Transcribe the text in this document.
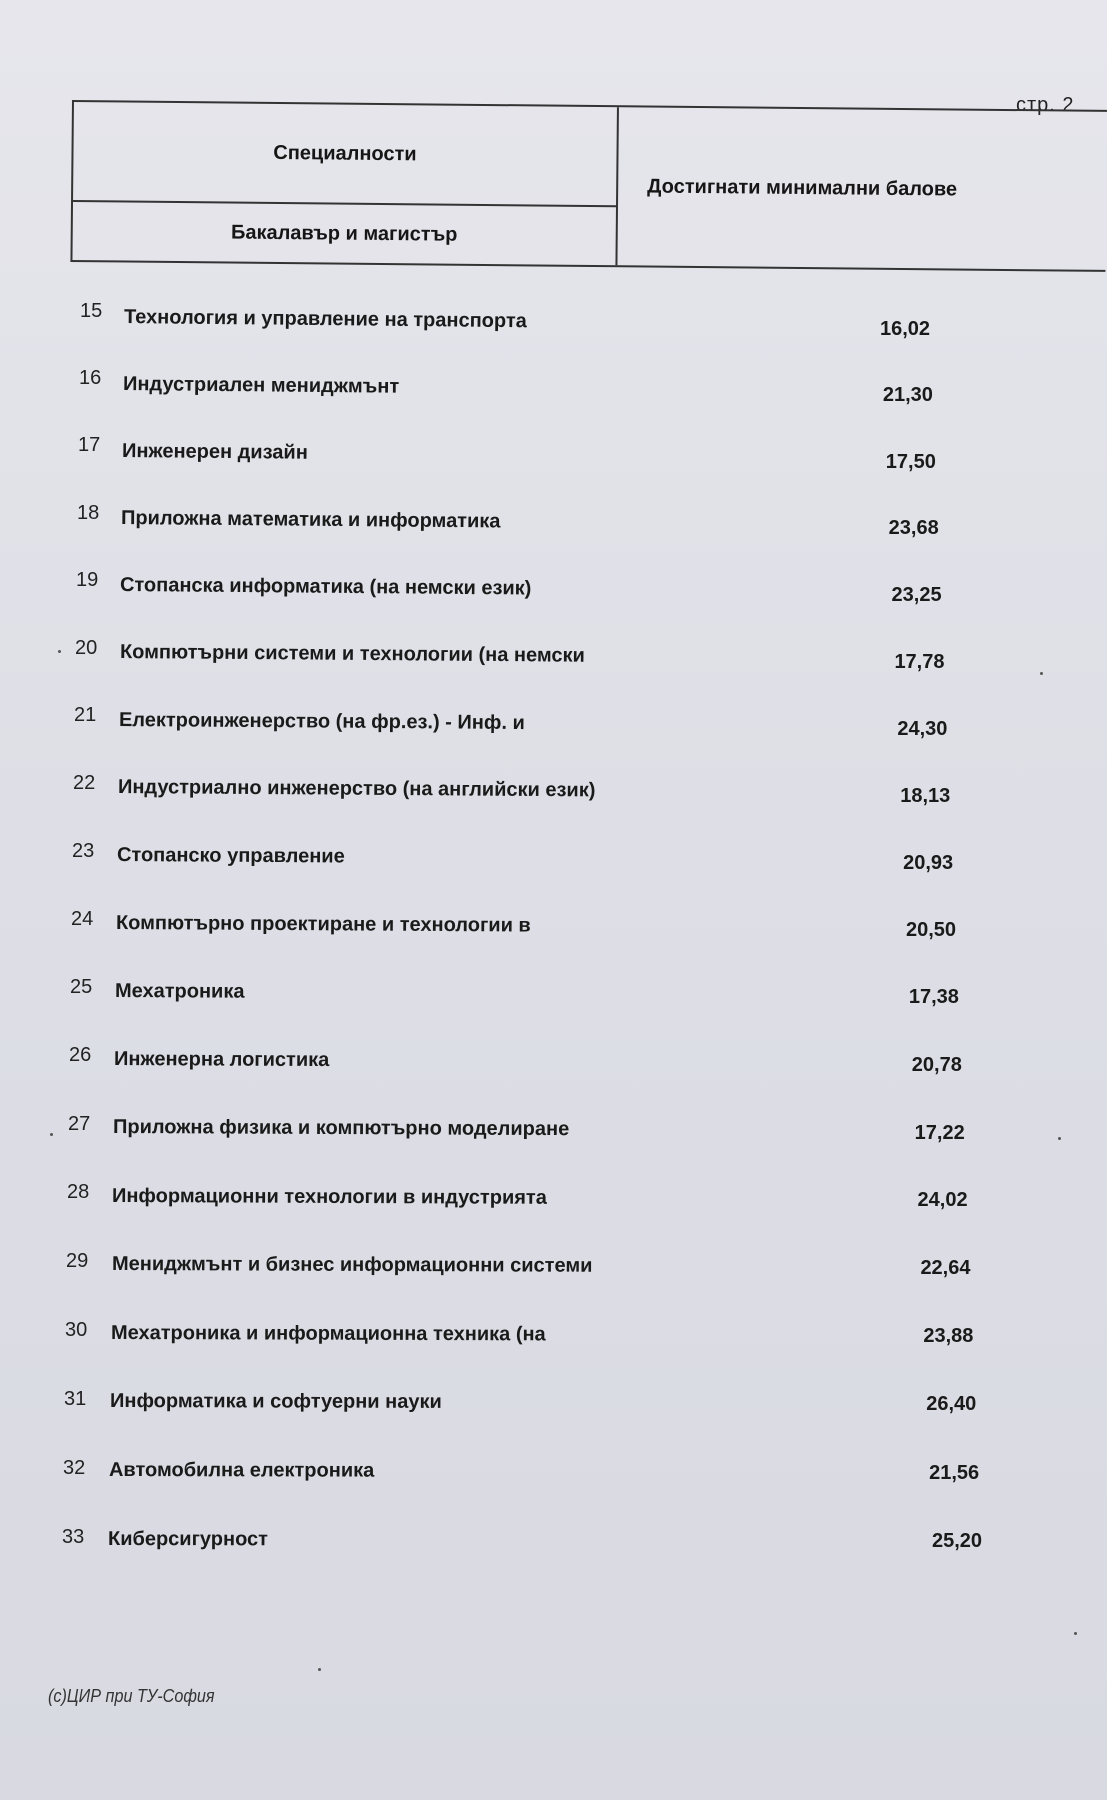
стр. 2
Специалности
Бакалавър и магистър
Достигнати минимални балове
15 Технология и управление на транспорта	16,02
16 Индустриален мениджмънт	21,30
17 Инженерен дизайн	17,50
18 Приложна математика и информатика	23,68
19 Стопанска информатика (на немски език)	23,25
20 Компютърни системи и технологии (на немски	17,78
21 Електроинженерство (на фр.ез.) - Инф. и	24,30
22 Индустриално инженерство (на английски език)	18,13
23 Стопанско управление	20,93
24 Компютърно проектиране и технологии в	20,50
25 Мехатроника	17,38
26 Инженерна логистика	20,78
27 Приложна физика и компютърно моделиране	17,22
28 Информационни технологии в индустрията	24,02
29 Мениджмънт и бизнес информационни системи	22,64
30 Мехатроника и информационна техника (на	23,88
31 Информатика и софтуерни науки	26,40
32 Автомобилна електроника	21,56
33 Киберсигурност	25,20
(c)ЦИР при ТУ-София
